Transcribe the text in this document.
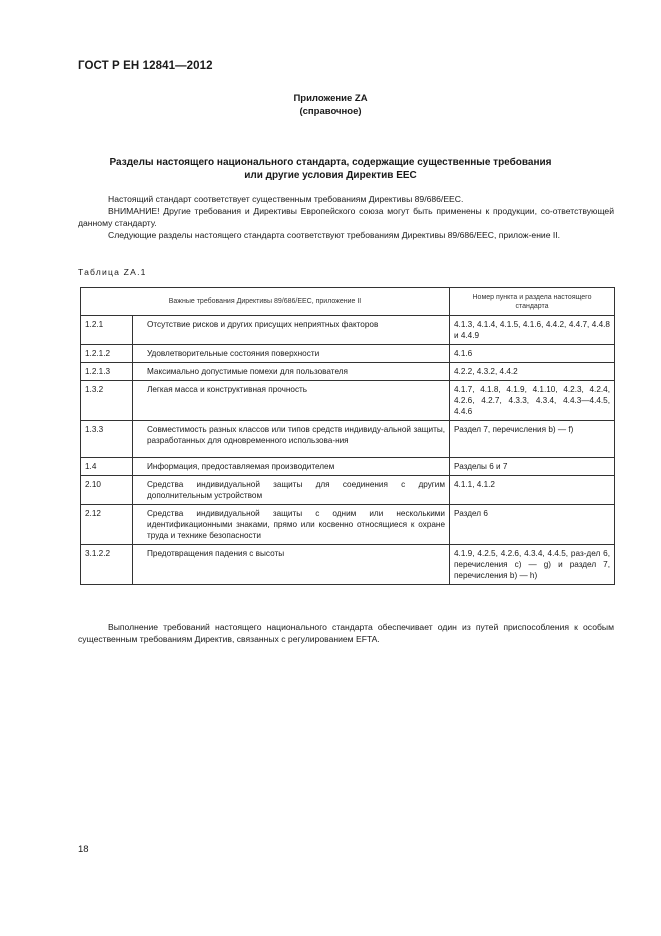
ГОСТ Р ЕН 12841—2012
Приложение ZA
(справочное)
Разделы настоящего национального стандарта, содержащие существенные требования
или другие условия Директив ЕЕС

Настоящий стандарт соответствует существенным требованиям Директивы 89/686/ЕЕС.

ВНИМАНИЕ! Другие требования и Директивы Европейского союза могут быть применены к продукции, со-ответствующей данному стандарту.

Следующие разделы настоящего стандарта соответствуют требованиям Директивы 89/686/ЕЕС, прилож-ение II.

Таблица ZA.1
Важные требования Директивы 89/686/ЕЕС, приложение II		Номер пункта и раздела настоящего стандарта

1.2.1	Отсутствие рисков и других присущих неприятных факторов	4.1.3, 4.1.4, 4.1.5, 4.1.6, 4.4.2, 4.4.7, 4.4.8 и 4.4.9

1.2.1.2	Удовлетворительные состояния поверхности	4.1.6

1.2.1.3	Максимально допустимые помехи для пользователя	4.2.2, 4.3.2, 4.4.2

1.3.2	Легкая масса и конструктивная прочность	4.1.7, 4.1.8, 4.1.9, 4.1.10, 4.2.3, 4.2.4, 4.2.6, 4.2.7, 4.3.3, 4.3.4, 4.4.3—4.4.5, 4.4.6

1.3.3	Совместимость разных классов или типов средств индивиду-альной защиты, разработанных для одновременного использова-ния	Раздел 7, перечисления b) — f)

1.4	Информация, предоставляемая производителем	Разделы 6 и 7

2.10	Средства индивидуальной защиты для соединения с другим дополнительным устройством	4.1.1, 4.1.2

2.12	Средства индивидуальной защиты с одним или несколькими идентификационными знаками, прямо или косвенно относящиеся к охране труда и технике безопасности	Раздел 6

3.1.2.2	Предотвращения падения с высоты	4.1.9, 4.2.5, 4.2.6, 4.3.4, 4.4.5, раз-дел 6, перечисления c) — g) и раздел 7, перечисления b) — h)

Выполнение требований настоящего национального стандарта обеспечивает один из путей приспособления к особым существенным требованиям Директив, связанных с регулированием EFTA.

18
